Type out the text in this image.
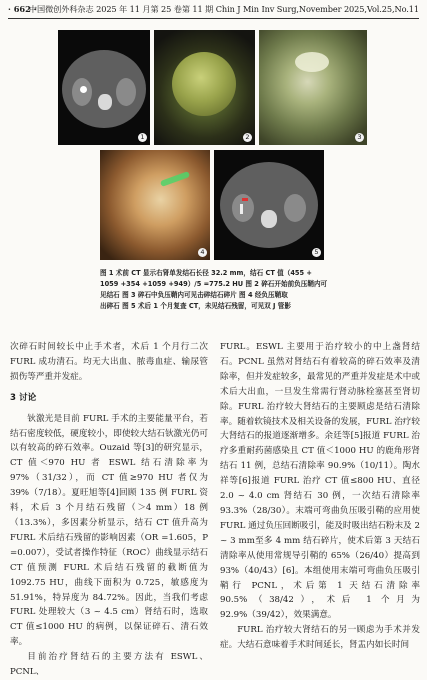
· 662 ·
中国微创外科杂志 2025 年 11 月第 25 卷第 11 期 Chin J Min Inv Surg,November 2025,Vol.25,No.11
1	2	3
4	5
图 1 术前 CT 显示右肾单发结石长径 32.2 mm，结石 CT 值（455 +
1059 +354 +1059 +949）/5 =775.2 HU 图 2 碎石开始前负压鞘内可
见结石 图 3 碎石中负压鞘内可见击碎结石碎片 图 4 经负压鞘取
出碎石 图 5 术后 1 个月复查 CT，未见结石残留，可见双 J 管影

次碎石时间较长中止手术者，术后 1 个月行二次 FURL 成功清石。均无大出血、脓毒血症、输尿管损伤等严重并发症。

3 讨论

钬激光是目前 FURL 手术的主要能量平台，若结石密度较低，硬度较小，即使较大结石钬激光仍可以有较高的碎石效率。Ouzaid 等[3]的研究显示，CT 值＜970 HU 者 ESWL 结石清除率为 97%（31/32），而 CT 值≥970 HU 者仅为 39%（7/18）。夏旺旭等[4]回顾 135 例 FURL 资料，术后 3 个月结石残留（＞4 mm）18 例（13.3%），多因素分析显示，结石 CT 值升高为 FURL 术后结石残留的影响因素（OR =1.605，P =0.007），受试者操作特征（ROC）曲线显示结石 CT 值预测 FURL 术后结石残留的截断值为 1092.75 HU，曲线下面积为 0.725，敏感度为 51.91%，特异度为 84.72%。因此，当我们考虑 FURL 处理较大（3 ~ 4.5 cm）肾结石时，选取 CT 值≤1000 HU 的病例，以保证碎石、清石效率。

目前治疗肾结石的主要方法有 ESWL、PCNL、

FURL。ESWL 主要用于治疗较小的中上盏肾结石。PCNL 虽然对肾结石有着较高的碎石效率及清除率，但并发症较多，最常见的严重并发症是术中或术后大出血，一旦发生常需行肾动脉栓塞甚至肾切除。FURL 治疗较大肾结石的主要顾虑是结石清除率。随着软镜技术及相关设备的发展，FURL 治疗较大肾结石的报道逐渐增多。余廷等[5]报道 FURL 治疗多重耐药菌感染且 CT 值＜1000 HU 的鹿角形肾结石 11 例，总结石清除率 90.9%（10/11）。陶水祥等[6]报道 FURL 治疗 CT 值≤800 HU、直径 2.0 ~ 4.0 cm 肾结石 30 例，一次结石清除率 93.3%（28/30）。末端可弯曲负压吸引鞘的应用使 FURL 通过负压回断吸引，能及时吸出结石粉末及 2 ~ 3 mm至多 4 mm 结石碎片，使术后第 3 天结石清除率从使用常规导引鞘的 65%（26/40）提高到 93%（40/43）[6]。本组使用末端可弯曲负压吸引鞘行 PCNL，术后第 1 天结石清除率 90.5%（38/42），术后 1 个月为 92.9%（39/42），效果满意。

FURL 治疗较大肾结石的另一顾虑为手术并发症。大结石意味着手术时间延长，肾盂内如长时间
